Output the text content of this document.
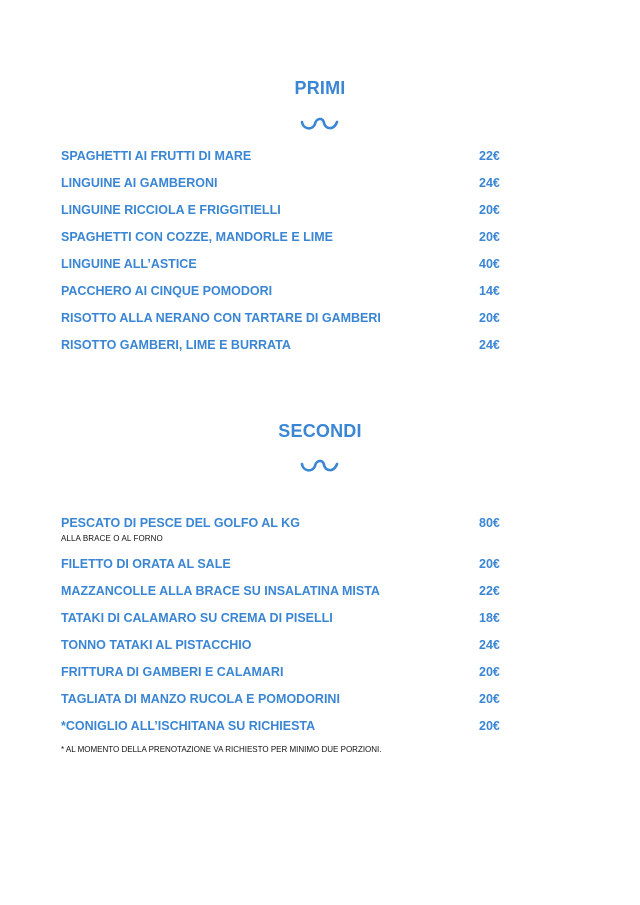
PRIMI
SPAGHETTI AI FRUTTI DI MARE	22€
LINGUINE AI GAMBERONI	24€
LINGUINE RICCIOLA E FRIGGITIELLI	20€
SPAGHETTI CON COZZE, MANDORLE E LIME	20€
LINGUINE ALL’ASTICE	40€
PACCHERO AI CINQUE POMODORI	14€
RISOTTO ALLA NERANO CON TARTARE DI GAMBERI	20€
RISOTTO GAMBERI, LIME E BURRATA	24€
SECONDI
PESCATO DI PESCE DEL GOLFO AL KG	80€
ALLA BRACE O AL FORNO
FILETTO DI ORATA AL SALE	20€
MAZZANCOLLE ALLA BRACE SU INSALATINA MISTA	22€
TATAKI DI CALAMARO SU CREMA DI PISELLI	18€
TONNO TATAKI AL PISTACCHIO	24€
FRITTURA DI GAMBERI E CALAMARI	20€
TAGLIATA DI MANZO RUCOLA E POMODORINI	20€
*CONIGLIO ALL’ISCHITANA SU RICHIESTA	20€
* AL MOMENTO DELLA PRENOTAZIONE VA RICHIESTO PER MINIMO DUE PORZIONI.
